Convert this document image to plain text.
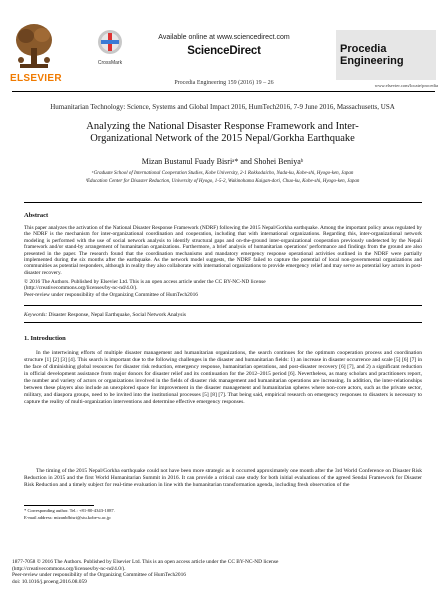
ELSEVIER
CrossMark
Available online at www.sciencedirect.com
ScienceDirect
Procedia Engineering 159 (2016) 19 – 26
Procedia Engineering
www.elsevier.com/locate/procedia
Humanitarian Technology: Science, Systems and Global Impact 2016, HumTech2016, 7-9 June 2016, Massachusetts, USA
Analyzing the National Disaster Response Framework and Inter-
Organizational Network of the 2015 Nepal/Gorkha Earthquake
Mizan Bustanul Fuady Bisriᵃ* and Shohei Beniyaᵇ
ᵃGraduate School of International Cooperation Studies, Kobe University, 2-1 Rokkodaicho, Nada-ku, Kobe-shi, Hyogo-ken, Japan
ᵇEducation Center for Disaster Reduction, University of Hyogo, 1-5-2, Wakinohama Kaigan-dori, Chuo-ku, Kobe-shi, Hyogo-ken, Japan
Abstract
This paper analyzes the activation of the National Disaster Response Framework (NDRF) following the 2015 Nepal/Gorkha earthquake. Among the important policy areas regulated by the NDRF is the mechanism for inter-organizational coordination and cooperation, including that with international organizations. Regarding this, inter-organizational network modeling is performed with the use of social network analysis to identify structural gaps and on-the-ground inter-organizational cooperation previously undetected by the Nepali framework and/or stand-by arrangement of humanitarian organizations. Furthermore, a brief analysis of humanitarian operations' performance and findings from the ground are also presented in the paper. The research found that the coordination mechanisms and mandatory emergency response operational activities outlined in the NDRF were partially implemented during the six months after the earthquake. As the network model suggests, the NDRF failed to capture the potential of local non-governmental organizations and communities as potential responders, although in reality they also collaborate with international organizations to provide emergency relief and may serve as potential key actors in post-disaster recovery.
© 2016 The Authors. Published by Elsevier Ltd. This is an open access article under the CC BY-NC-ND license
(http://creativecommons.org/licenses/by-nc-nd/4.0/).
Peer-review under responsibility of the Organizing Committee of HumTech2016
Keywords: Disaster Response, Nepal Earthquake, Social Network Analysis
1. Introduction
In the intertwining efforts of multiple disaster management and humanitarian organizations, the search continues for the optimum cooperation process and coordination structure [1] [2] [3] [4]. This search is important due to the following challenges in the disaster and humanitarian fields: 1) an increase in disaster occurrence and scale [5] [6] [7] in the face of diminishing global resources for disaster risk reduction, emergency response, humanitarian operations, and post-disaster recovery [6] [7], and 2) a significant reduction in official development assistance from major donors for disaster relief and its continuation for the 2012–2015 period [6]. Nevertheless, as many scholars and practitioners report, the number and variety of actors or organizations involved in the fields of disaster risk management and humanitarian operations are increasing. In addition, the inter-relationships between these players also include an unexplored space for improvement in the disaster management and humanitarian spheres where non-core actors, such as the private sector, military, and diaspora groups, need to be invited into the institutional processes [5] [8] [7]. That being said, empirical research on emergency responses to disasters is necessary to capture the reality of multi-organization interventions and determine effective emergency responses.
The timing of the 2015 Nepal/Gorkha earthquake could not have been more strategic as it occurred approximately one month after the 3rd World Conference on Disaster Risk Reduction in 2015 and the first World Humanitarian Summit in 2016. It can provide a critical case study for both initial evaluations of the agreed Sendai Framework for Disaster Risk Reduction and a timely subject for real-time evaluation in line with the humanitarian transformation agenda, including fresh observation of the
* Corresponding author. Tel.: +81-80-4343-1087.
E-mail address: mizanbfbisri@stu.kobe-u.ac.jp
1877-7058 © 2016 The Authors. Published by Elsevier Ltd. This is an open access article under the CC BY-NC-ND license
(http://creativecommons.org/licenses/by-nc-nd/4.0/).
Peer-review under responsibility of the Organizing Committee of HumTech2016
doi: 10.1016/j.proeng.2016.08.059
